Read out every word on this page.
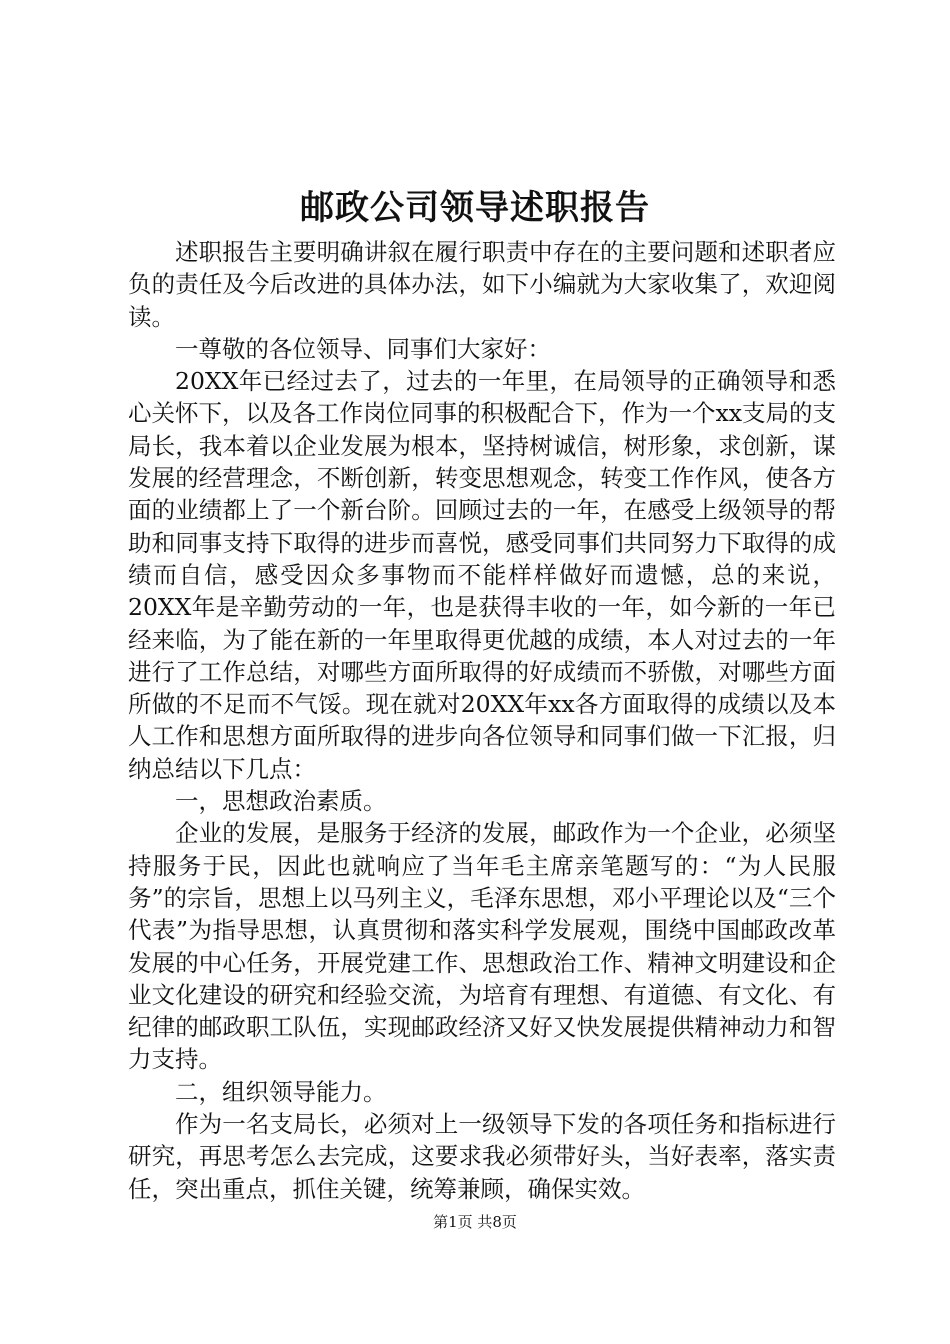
邮政公司领导述职报告

述职报告主要明确讲叙在履行职责中存在的主要问题和述职者应负的责任及今后改进的具体办法，如下小编就为大家收集了，欢迎阅读。

一尊敬的各位领导、同事们大家好：

20XX年已经过去了，过去的一年里，在局领导的正确领导和悉心关怀下，以及各工作岗位同事的积极配合下，作为一个xx支局的支局长，我本着以企业发展为根本，坚持树诚信，树形象，求创新，谋发展的经营理念，不断创新，转变思想观念，转变工作作风，使各方面的业绩都上了一个新台阶。回顾过去的一年，在感受上级领导的帮助和同事支持下取得的进步而喜悦，感受同事们共同努力下取得的成绩而自信，感受因众多事物而不能样样做好而遗憾，总的来说，20XX年是辛勤劳动的一年，也是获得丰收的一年，如今新的一年已经来临，为了能在新的一年里取得更优越的成绩，本人对过去的一年进行了工作总结，对哪些方面所取得的好成绩而不骄傲，对哪些方面所做的不足而不气馁。现在就对20XX年xx各方面取得的成绩以及本人工作和思想方面所取得的进步向各位领导和同事们做一下汇报，归纳总结以下几点：

一，思想政治素质。

企业的发展，是服务于经济的发展，邮政作为一个企业，必须坚持服务于民，因此也就响应了当年毛主席亲笔题写的：“为人民服务”的宗旨，思想上以马列主义，毛泽东思想，邓小平理论以及“三个代表”为指导思想，认真贯彻和落实科学发展观，围绕中国邮政改革发展的中心任务，开展党建工作、思想政治工作、精神文明建设和企业文化建设的研究和经验交流，为培育有理想、有道德、有文化、有纪律的邮政职工队伍，实现邮政经济又好又快发展提供精神动力和智力支持。

二，组织领导能力。

作为一名支局长，必须对上一级领导下发的各项任务和指标进行研究，再思考怎么去完成，这要求我必须带好头，当好表率，落实责任，突出重点，抓住关键，统筹兼顾，确保实效。

第1页 共8页
